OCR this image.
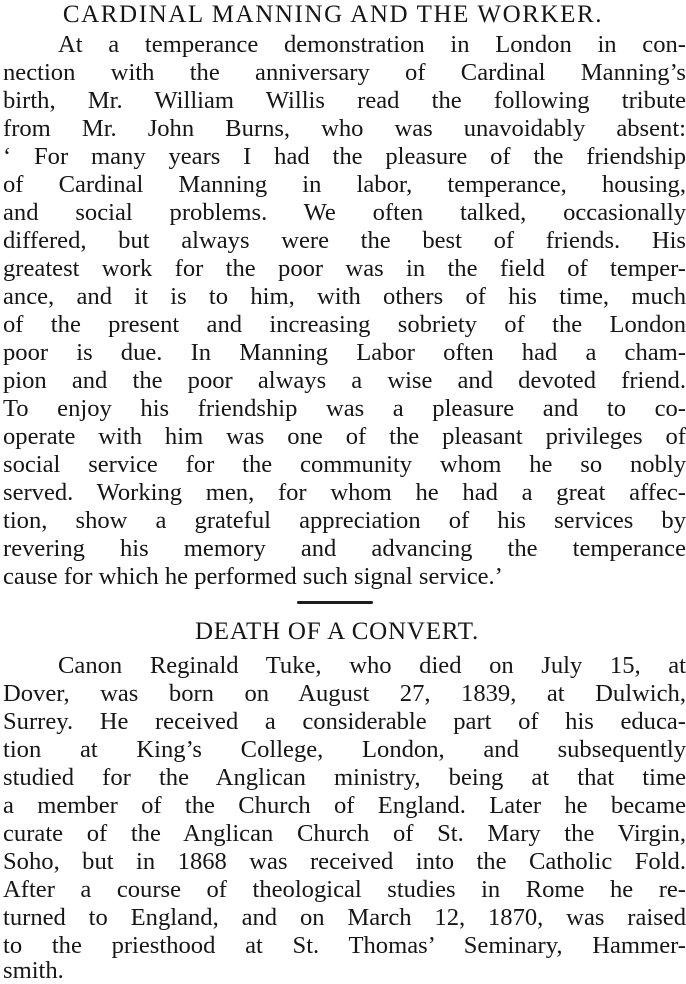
CARDINAL MANNING AND THE WORKER.
At a temperance demonstration in London in con-
nection with the anniversary of Cardinal Manning’s
birth, Mr. William Willis read the following tribute
from Mr. John Burns, who was unavoidably absent:
‘ For many years I had the pleasure of the friendship
of Cardinal Manning in labor, temperance, housing,
and social problems. We often talked, occasionally
differed, but always were the best of friends. His
greatest work for the poor was in the field of temper-
ance, and it is to him, with others of his time, much
of the present and increasing sobriety of the London
poor is due. In Manning Labor often had a cham-
pion and the poor always a wise and devoted friend.
To enjoy his friendship was a pleasure and to co-
operate with him was one of the pleasant privileges of
social service for the community whom he so nobly
served. Working men, for whom he had a great affec-
tion, show a grateful appreciation of his services by
revering his memory and advancing the temperance
cause for which he performed such signal service.’
DEATH OF A CONVERT.
Canon Reginald Tuke, who died on July 15, at
Dover, was born on August 27, 1839, at Dulwich,
Surrey. He received a considerable part of his educa-
tion at King’s College, London, and subsequently
studied for the Anglican ministry, being at that time
a member of the Church of England. Later he became
curate of the Anglican Church of St. Mary the Virgin,
Soho, but in 1868 was received into the Catholic Fold.
After a course of theological studies in Rome he re-
turned to England, and on March 12, 1870, was raised
to the priesthood at St. Thomas’ Seminary, Hammer-
smith.
